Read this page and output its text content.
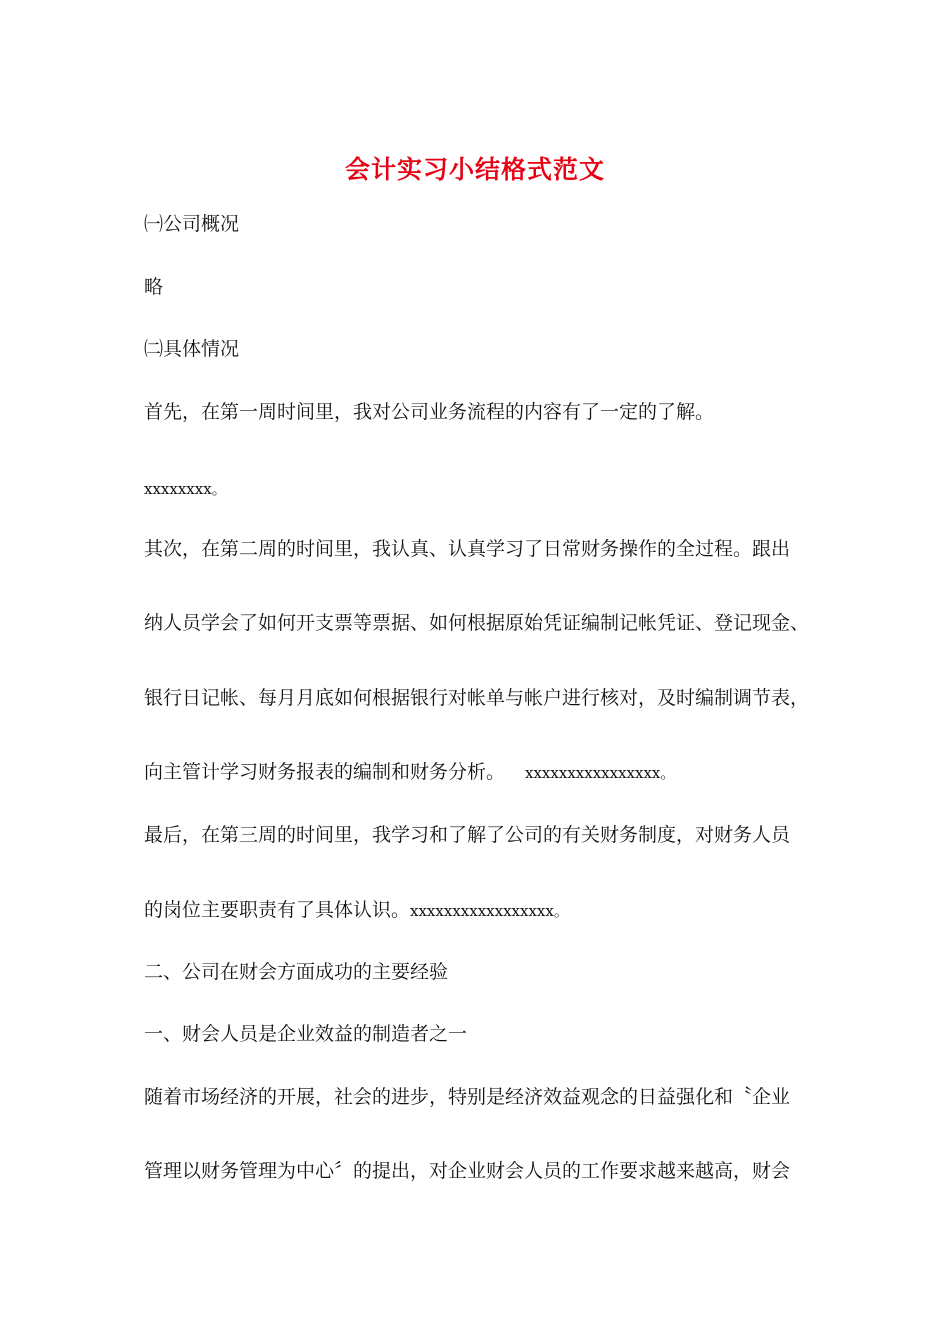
会计实习小结格式范文
㈠公司概况
略
㈡具体情况
首先，在第一周时间里，我对公司业务流程的内容有了一定的了解。
xxxxxxxx。
其次，在第二周的时间里，我认真、认真学习了日常财务操作的全过程。跟出
纳人员学会了如何开支票等票据、如何根据原始凭证编制记帐凭证、登记现金、
银行日记帐、每月月底如何根据银行对帐单与帐户进行核对，及时编制调节表，
向主管计学习财务报表的编制和财务分析。 xxxxxxxxxxxxxxxx。
最后，在第三周的时间里，我学习和了解了公司的有关财务制度，对财务人员
的岗位主要职责有了具体认识。xxxxxxxxxxxxxxxxx。
二、公司在财会方面成功的主要经验
一、财会人员是企业效益的制造者之一
随着市场经济的开展，社会的进步，特别是经济效益观念的日益强化和〝企业
管理以财务管理为中心〞的提出，对企业财会人员的工作要求越来越高，财会
